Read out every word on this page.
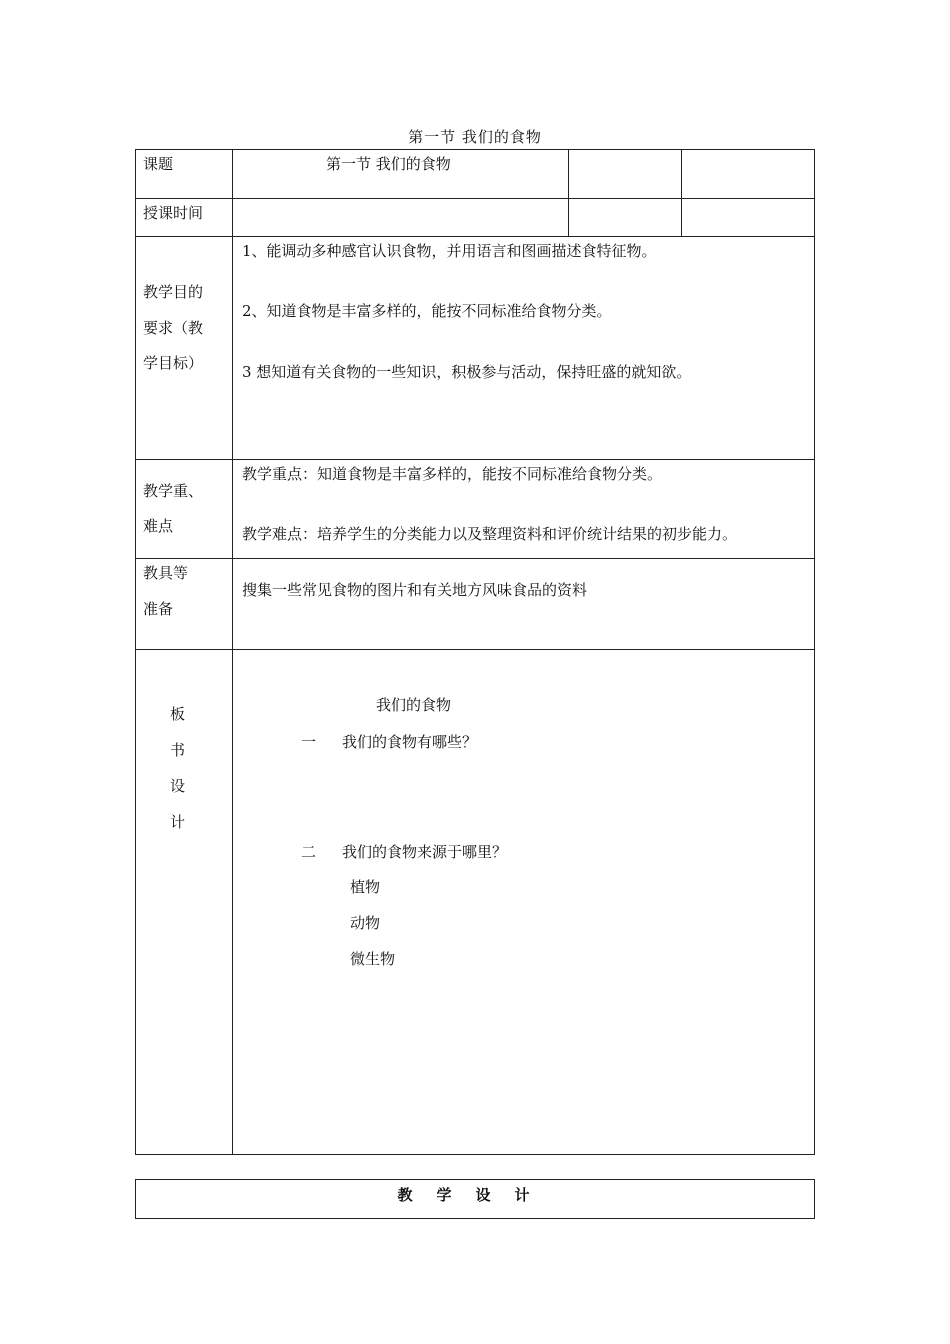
第一节 我们的食物
课题	第一节 我们的食物
授课时间
教学目的
要求（教
学目标）
1、能调动多种感官认识食物，并用语言和图画描述食特征物。
2、知道食物是丰富多样的，能按不同标准给食物分类。
3 想知道有关食物的一些知识，积极参与活动，保持旺盛的就知欲。
教学重、
难点
教学重点：知道食物是丰富多样的，能按不同标准给食物分类。
教学难点：培养学生的分类能力以及整理资料和评价统计结果的初步能力。
教具等
准备
搜集一些常见食物的图片和有关地方风味食品的资料
板
书
设
计
我们的食物
一 我们的食物有哪些？
二 我们的食物来源于哪里？
植物
动物
微生物
教学设计
